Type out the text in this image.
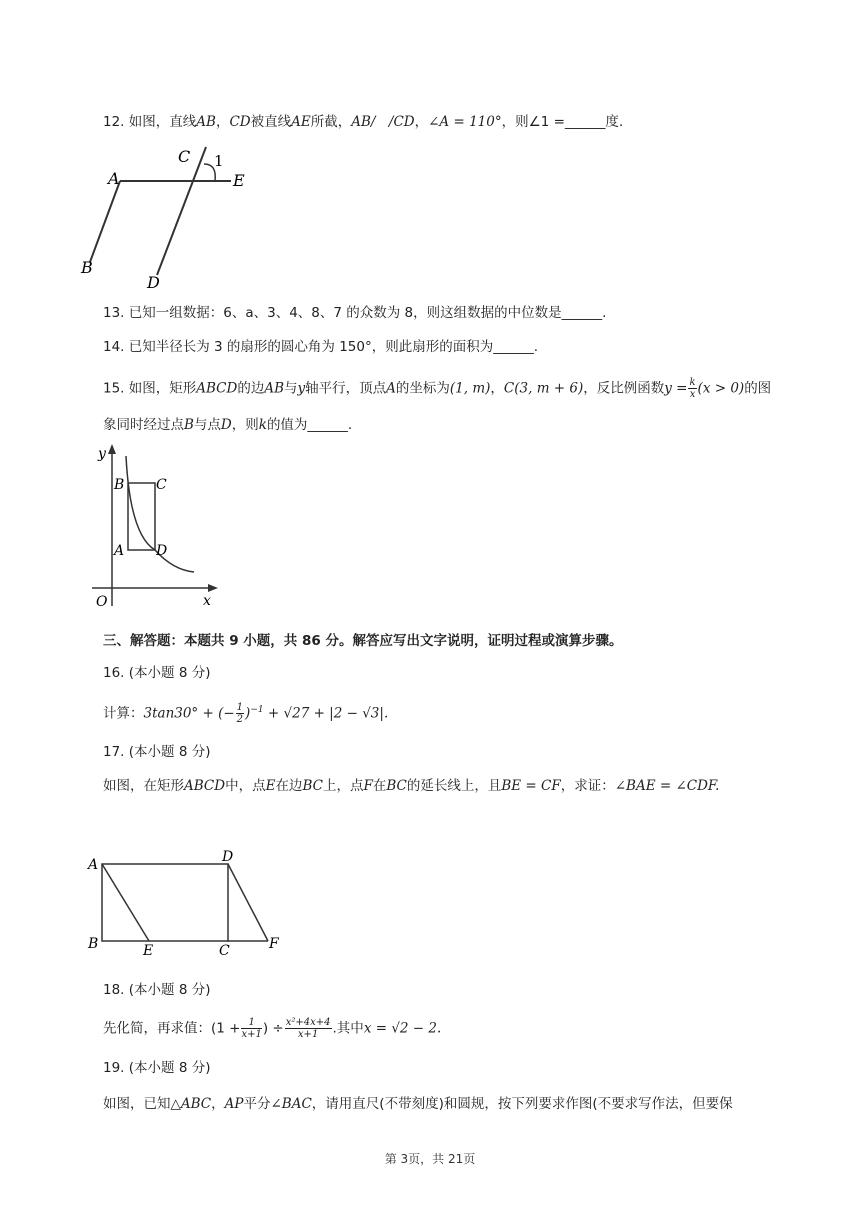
12. 如图，直线AB，CD被直线AE所截，AB/　/CD，∠A = 110°，则∠1 =______度.
A
B
C
D
E
1
13. 已知一组数据：6、a、3、4、8、7 的众数为 8，则这组数据的中位数是______.
14. 已知半径长为 3 的扇形的圆心角为 150°，则此扇形的面积为______.
15. 如图，矩形ABCD的边AB与y轴平行，顶点A的坐标为(1, m)，C(3, m + 6)，反比例函数$y = \frac{k}{x} (x > 0)$的图
象同时经过点B与点D，则k的值为______.
y
x
O
A
B C
D
三、解答题：本题共 9 小题，共 86 分。解答应写出文字说明，证明过程或演算步骤。
16. (本小题 8 分)
计算：3tan30° + (− $\frac{1}{2} )^{-1} + √27 + |2 - √3|$.
17. (本小题 8 分)
如图，在矩形ABCD中，点E在边BC上，点F在BC的延长线上，且BE = CF，求证：∠BAE = ∠CDF.
A
B	C
D
E	F
18. (本小题 8 分)
先化简，再求值：($1 + \frac{1}{x+1}$ ) ÷ $\frac{\text{x²+4x+4}}{x+1}$ .其中x = √2 − 2.
19. (本小题 8 分)
如图，已知△ABC，AP平分∠BAC，请用直尺(不带刻度)和圆规，按下列要求作图(不要求写作法，但要保
第 3页，共 21页
